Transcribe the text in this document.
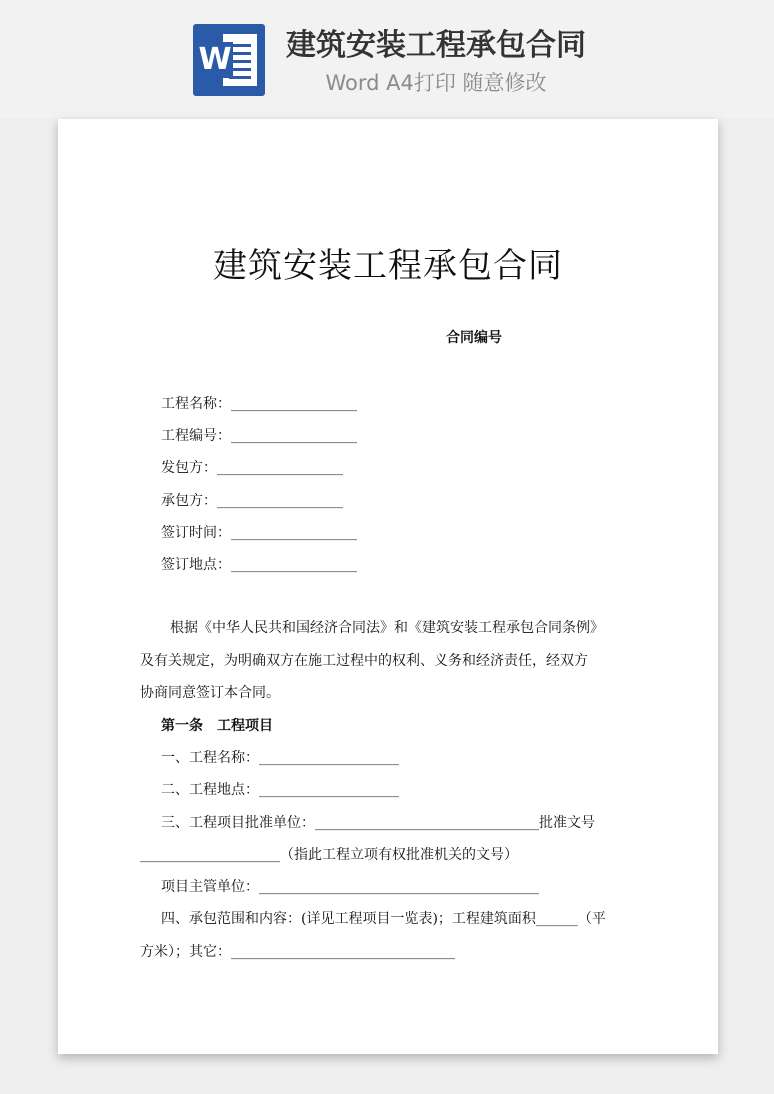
W 建筑安装工程承包合同
Word A4打印 随意修改
​
建筑安装工程承包合同
合同编号
工程名称：__________________
工程编号：__________________
发包方：__________________
承包方：__________________
签订时间：__________________
签订地点：__________________
根据《中华人民共和国经济合同法》和《建筑安装工程承包合同条例》
及有关规定，为明确双方在施工过程中的权利、义务和经济责任，经双方
协商同意签订本合同。
第一条　工程项目
一、工程名称：____________________
二、工程地点：____________________
三、工程项目批准单位：________________________________批准文号
____________________（指此工程立项有权批准机关的文号）
项目主管单位：________________________________________
四、承包范围和内容：(详见工程项目一览表)；工程建筑面积______（平
方米）；其它：________________________________
